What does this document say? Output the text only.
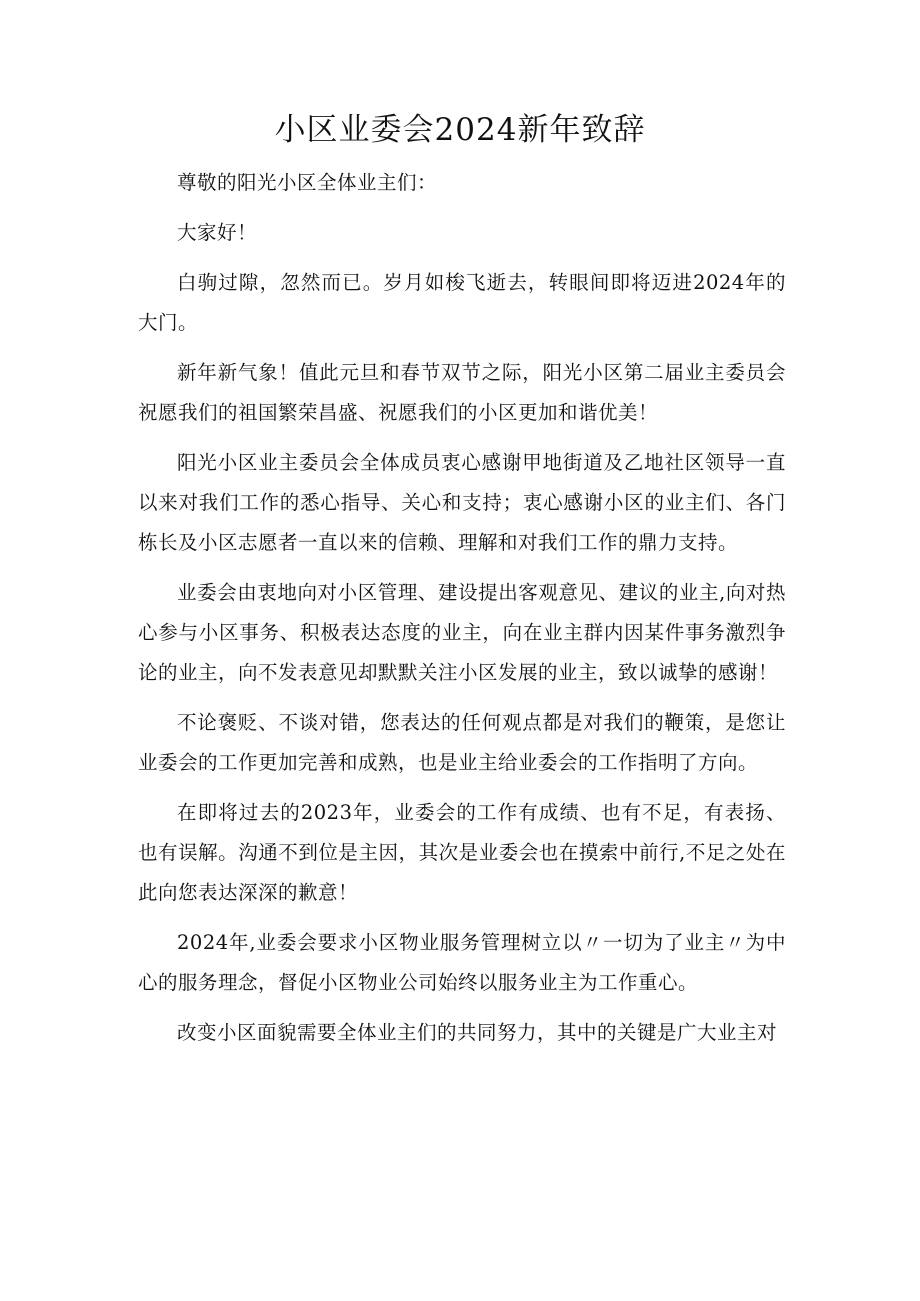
小区业委会2024新年致辞

尊敬的阳光小区全体业主们：

大家好！

白驹过隙，忽然而已。岁月如梭飞逝去，转眼间即将迈进2024年的大门。

新年新气象！值此元旦和春节双节之际，阳光小区第二届业主委员会祝愿我们的祖国繁荣昌盛、祝愿我们的小区更加和谐优美！

阳光小区业主委员会全体成员衷心感谢甲地街道及乙地社区领导一直以来对我们工作的悉心指导、关心和支持；衷心感谢小区的业主们、各门栋长及小区志愿者一直以来的信赖、理解和对我们工作的鼎力支持。

业委会由衷地向对小区管理、建设提出客观意见、建议的业主,向对热心参与小区事务、积极表达态度的业主，向在业主群内因某件事务激烈争论的业主，向不发表意见却默默关注小区发展的业主，致以诚挚的感谢！

不论褒贬、不谈对错，您表达的任何观点都是对我们的鞭策，是您让业委会的工作更加完善和成熟，也是业主给业委会的工作指明了方向。

在即将过去的2023年，业委会的工作有成绩、也有不足，有表扬、也有误解。沟通不到位是主因，其次是业委会也在摸索中前行,不足之处在此向您表达深深的歉意！

2024年,业委会要求小区物业服务管理树立以〃一切为了业主〃为中心的服务理念，督促小区物业公司始终以服务业主为工作重心。

改变小区面貌需要全体业主们的共同努力，其中的关键是广大业主对
